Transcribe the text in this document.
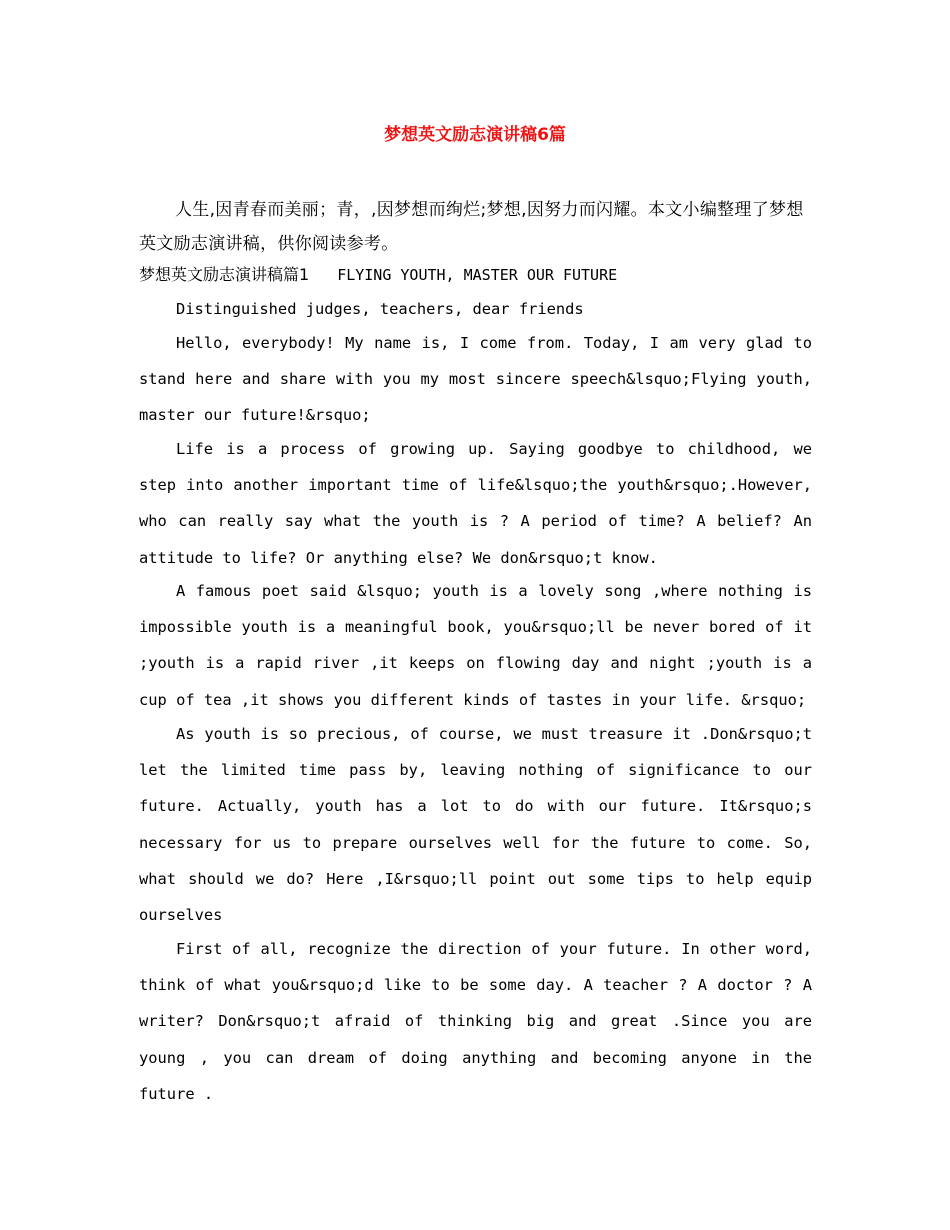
梦想英文励志演讲稿6篇
人生,因青春而美丽；青，,因梦想而绚烂;梦想,因努力而闪耀。本文小编整理了梦想英文励志演讲稿，供你阅读参考。
梦想英文励志演讲稿篇1 FLYING YOUTH, MASTER OUR FUTURE
Distinguished judges, teachers, dear friends
Hello, everybody! My name is, I come from. Today, I am very glad to stand here and share with you my most sincere speech&lsquo;Flying youth, master our future!&rsquo;
Life is a process of growing up. Saying goodbye to childhood, we step into another important time of life&lsquo;the youth&rsquo;.However, who can really say what the youth is ? A period of time? A belief? An attitude to life? Or anything else? We don&rsquo;t know.
A famous poet said &lsquo; youth is a lovely song ,where nothing is impossible youth is a meaningful book, you&rsquo;ll be never bored of it ;youth is a rapid river ,it keeps on flowing day and night ;youth is a cup of tea ,it shows you different kinds of tastes in your life. &rsquo;
As youth is so precious, of course, we must treasure it .Don&rsquo;t let the limited time pass by, leaving nothing of significance to our future. Actually, youth has a lot to do with our future. It&rsquo;s necessary for us to prepare ourselves well for the future to come. So, what should we do? Here ,I&rsquo;ll point out some tips to help equip ourselves
First of all, recognize the direction of your future. In other word, think of what you&rsquo;d like to be some day. A teacher ? A doctor ? A writer? Don&rsquo;t afraid of thinking big and great .Since you are young , you can dream of doing anything and becoming anyone in the future .
